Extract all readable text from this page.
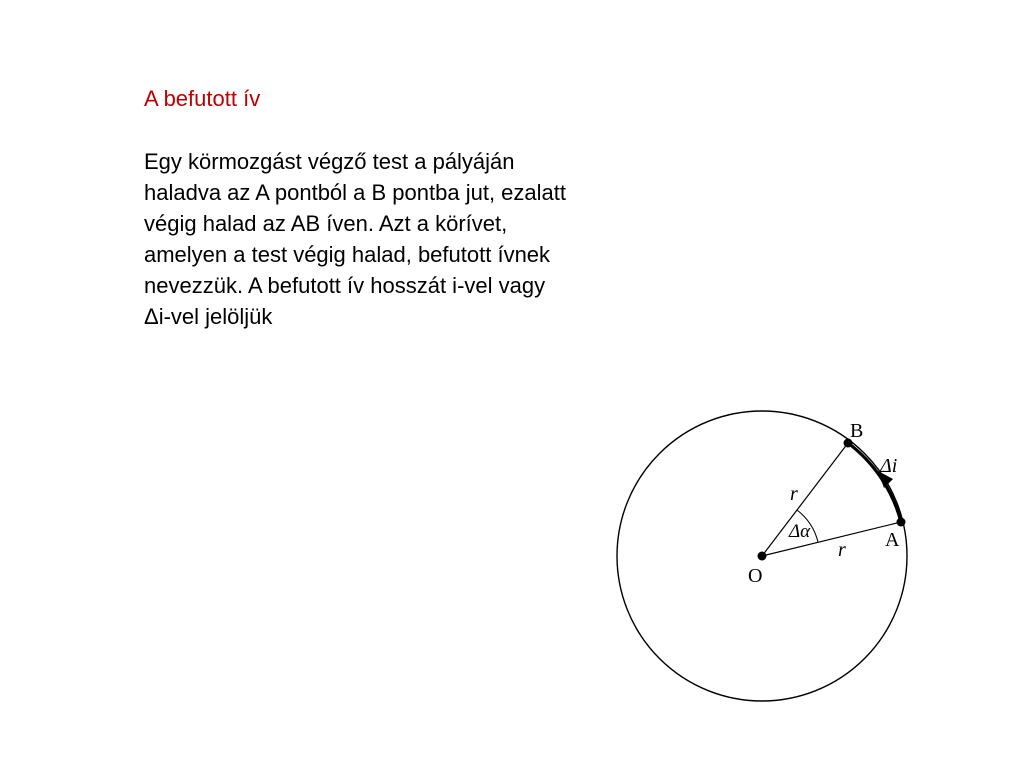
A befutott ív
Egy körmozgást végző test a pályáján
haladva az A pontból a B pontba jut, ezalatt
végig halad az AB íven. Azt a körívet,
amelyen a test végig halad, befutott ívnek
nevezzük. A befutott ív hosszát i-vel vagy
Δi-vel jelöljük
O
A
B
r
r
Δα
Δi
